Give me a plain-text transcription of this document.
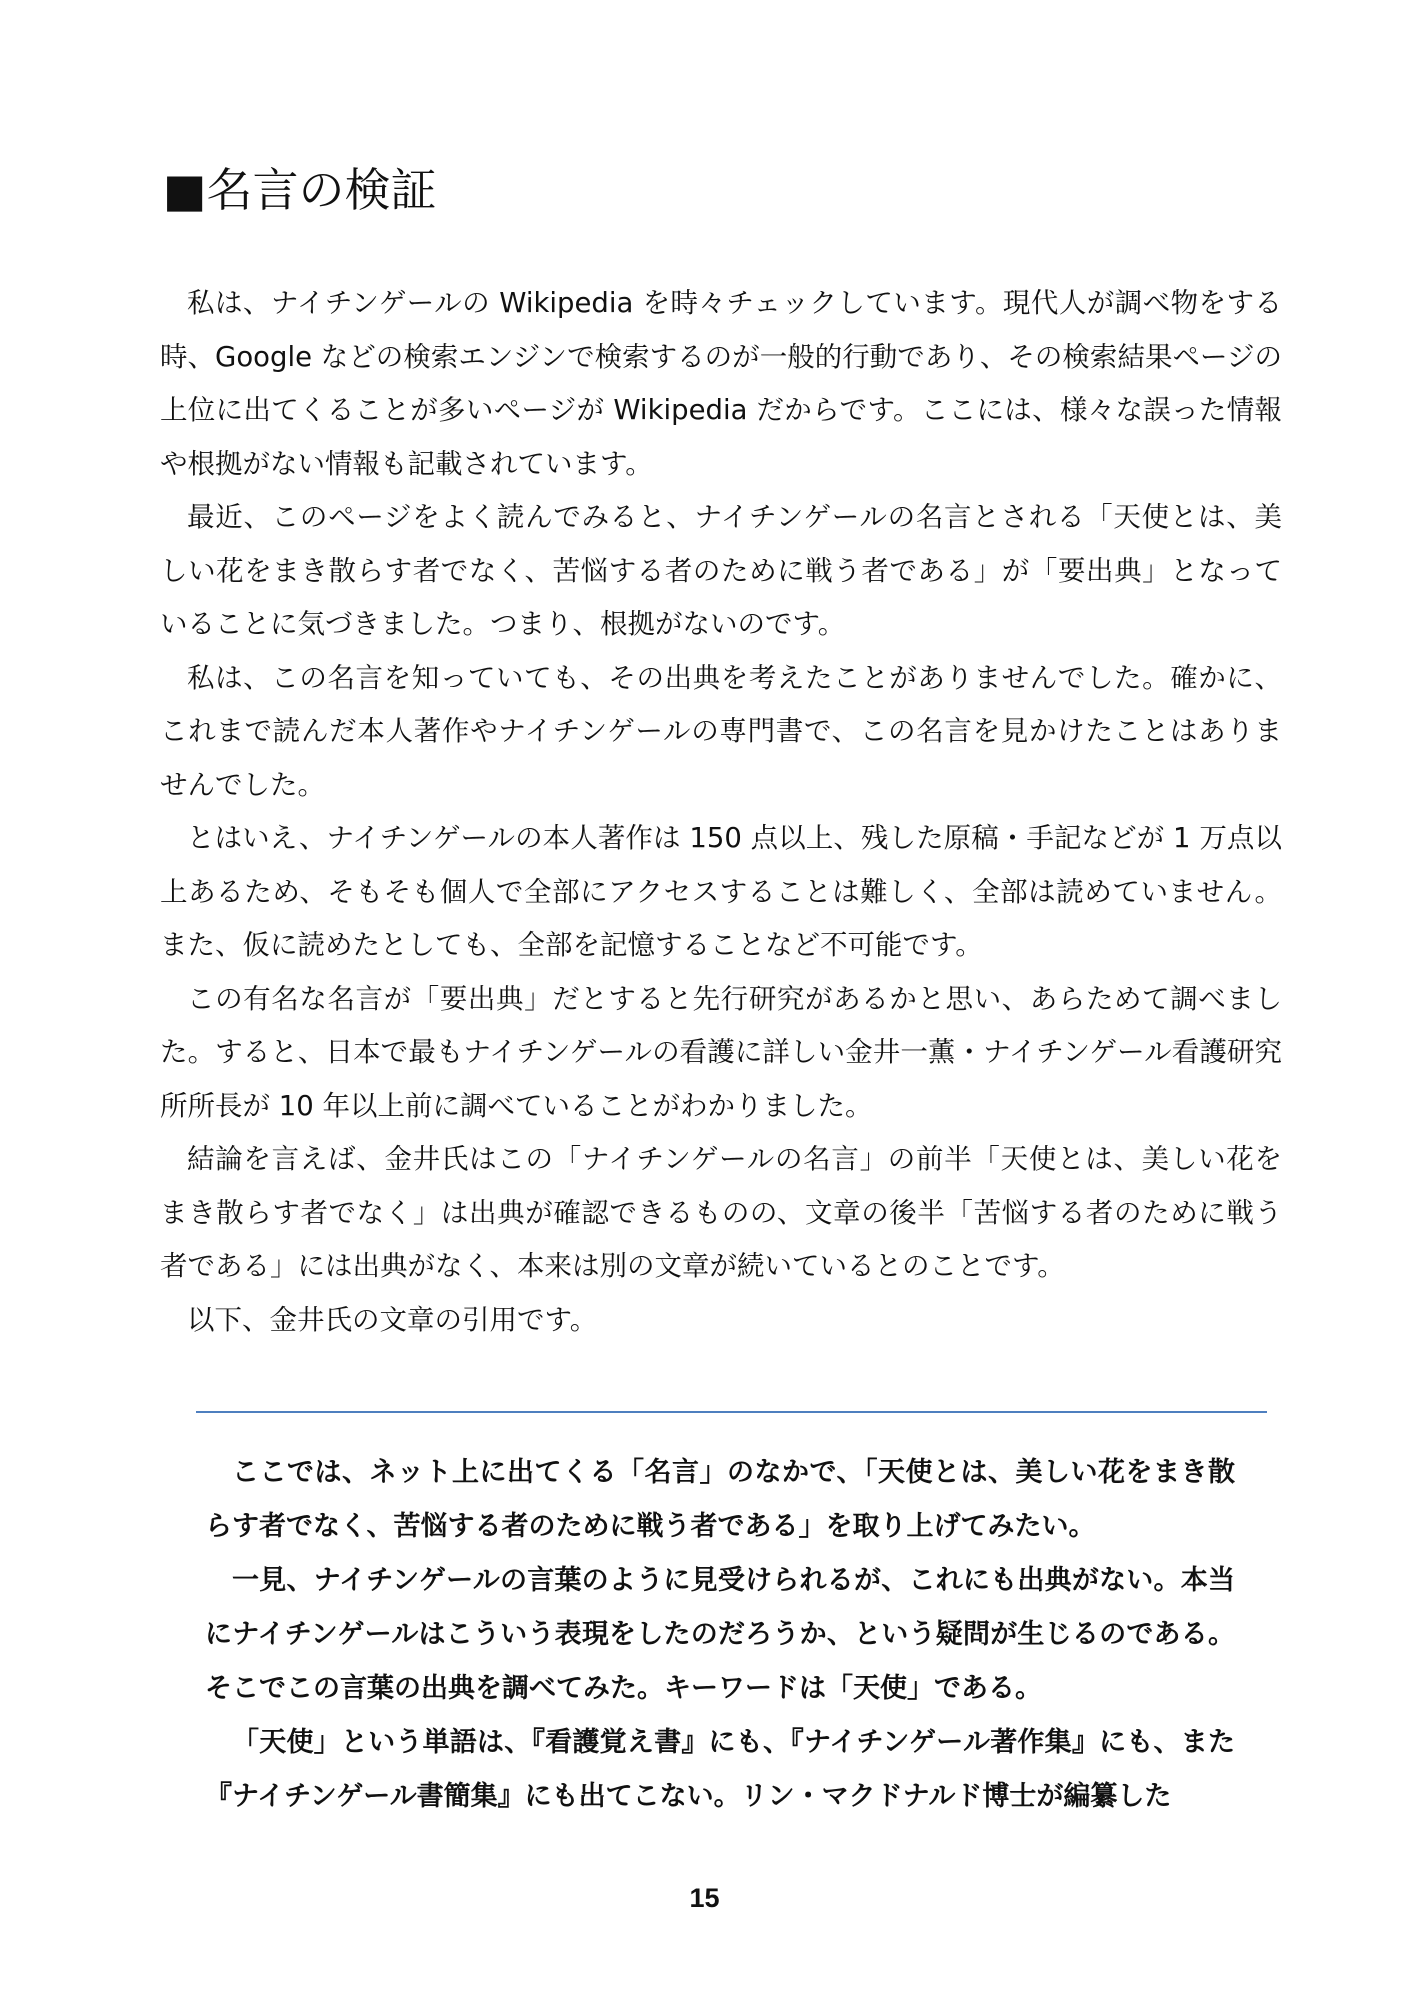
■名言の検証

私は、ナイチンゲールの Wikipedia を時々チェックしています。現代人が調べ物をする時、Google などの検索エンジンで検索するのが一般的行動であり、その検索結果ページの上位に出てくることが多いページが Wikipedia だからです。ここには、様々な誤った情報や根拠がない情報も記載されています。

最近、このページをよく読んでみると、ナイチンゲールの名言とされる「天使とは、美しい花をまき散らす者でなく、苦悩する者のために戦う者である」が「要出典」となっていることに気づきました。つまり、根拠がないのです。

私は、この名言を知っていても、その出典を考えたことがありませんでした。確かに、これまで読んだ本人著作やナイチンゲールの専門書で、この名言を見かけたことはありませんでした。

とはいえ、ナイチンゲールの本人著作は 150 点以上、残した原稿・手記などが 1 万点以上あるため、そもそも個人で全部にアクセスすることは難しく、全部は読めていません。また、仮に読めたとしても、全部を記憶することなど不可能です。

この有名な名言が「要出典」だとすると先行研究があるかと思い、あらためて調べました。すると、日本で最もナイチンゲールの看護に詳しい金井一薫・ナイチンゲール看護研究所所長が 10 年以上前に調べていることがわかりました。

結論を言えば、金井氏はこの「ナイチンゲールの名言」の前半「天使とは、美しい花をまき散らす者でなく」は出典が確認できるものの、文章の後半「苦悩する者のために戦う者である」には出典がなく、本来は別の文章が続いているとのことです。

以下、金井氏の文章の引用です。

ここでは、ネット上に出てくる「名言」のなかで、「天使とは、美しい花をまき散らす者でなく、苦悩する者のために戦う者である」を取り上げてみたい。

一見、ナイチンゲールの言葉のように見受けられるが、これにも出典がない。本当にナイチンゲールはこういう表現をしたのだろうか、という疑問が生じるのである。そこでこの言葉の出典を調べてみた。キーワードは「天使」である。

「天使」という単語は、『看護覚え書』にも、『ナイチンゲール著作集』にも、また『ナイチンゲール書簡集』にも出てこない。リン・マクドナルド博士が編纂した

15
